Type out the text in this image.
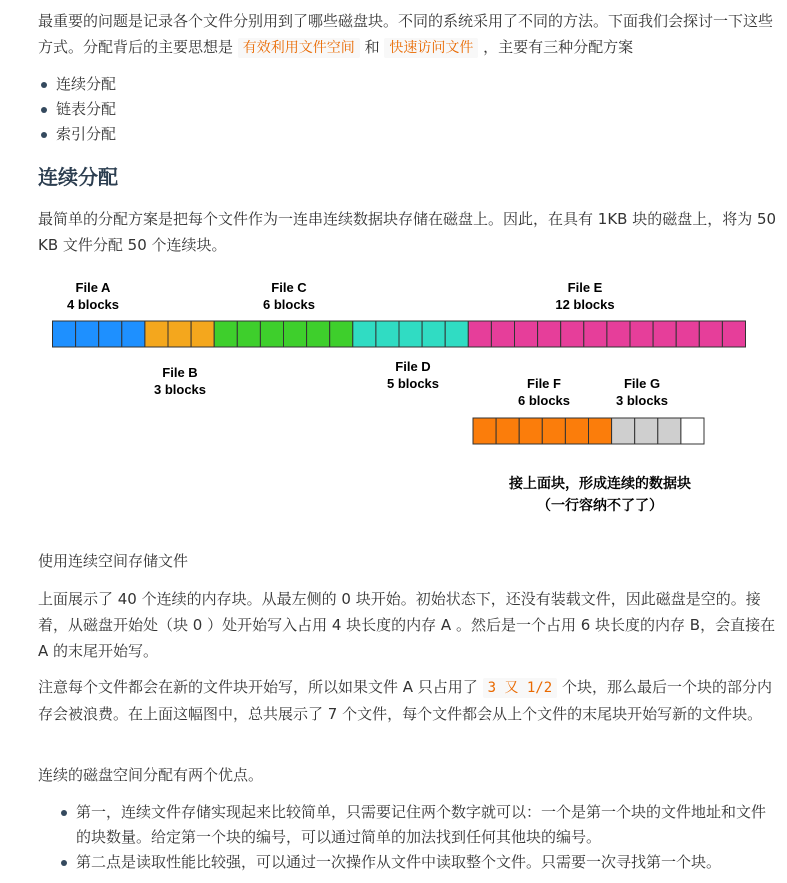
最重要的问题是记录各个文件分别用到了哪些磁盘块。不同的系统采用了不同的方法。下面我们会探讨一下这些方式。分配背后的主要思想是 有效利用文件空间 和 快速访问文件 ，主要有三种分配方案

连续分配
链表分配
索引分配
连续分配

最简单的分配方案是把每个文件作为一连串连续数据块存储在磁盘上。因此，在具有 1KB 块的磁盘上，将为 50 KB 文件分配 50 个连续块。

File A
4 blocks
File C
6 blocks
File E
12 blocks
File B
3 blocks
File D
5 blocks	File F
6 blocks
File G
3 blocks
接上面块，形成连续的数据块
（一行容纳不了了）
使用连续空间存储文件

上面展示了 40 个连续的内存块。从最左侧的 0 块开始。初始状态下，还没有装载文件，因此磁盘是空的。接着，从磁盘开始处（块 0 ）处开始写入占用 4 块长度的内存 A 。然后是一个占用 6 块长度的内存 B，会直接在 A 的末尾开始写。

注意每个文件都会在新的文件块开始写，所以如果文件 A 只占用了 3 又 1/2 个块，那么最后一个块的部分内存会被浪费。在上面这幅图中，总共展示了 7 个文件，每个文件都会从上个文件的末尾块开始写新的文件块。

连续的磁盘空间分配有两个优点。

第一，连续文件存储实现起来比较简单，只需要记住两个数字就可以：一个是第一个块的文件地址和文件的块数量。给定第一个块的编号，可以通过简单的加法找到任何其他块的编号。
第二点是读取性能比较强，可以通过一次操作从文件中读取整个文件。只需要一次寻找第一个块。
